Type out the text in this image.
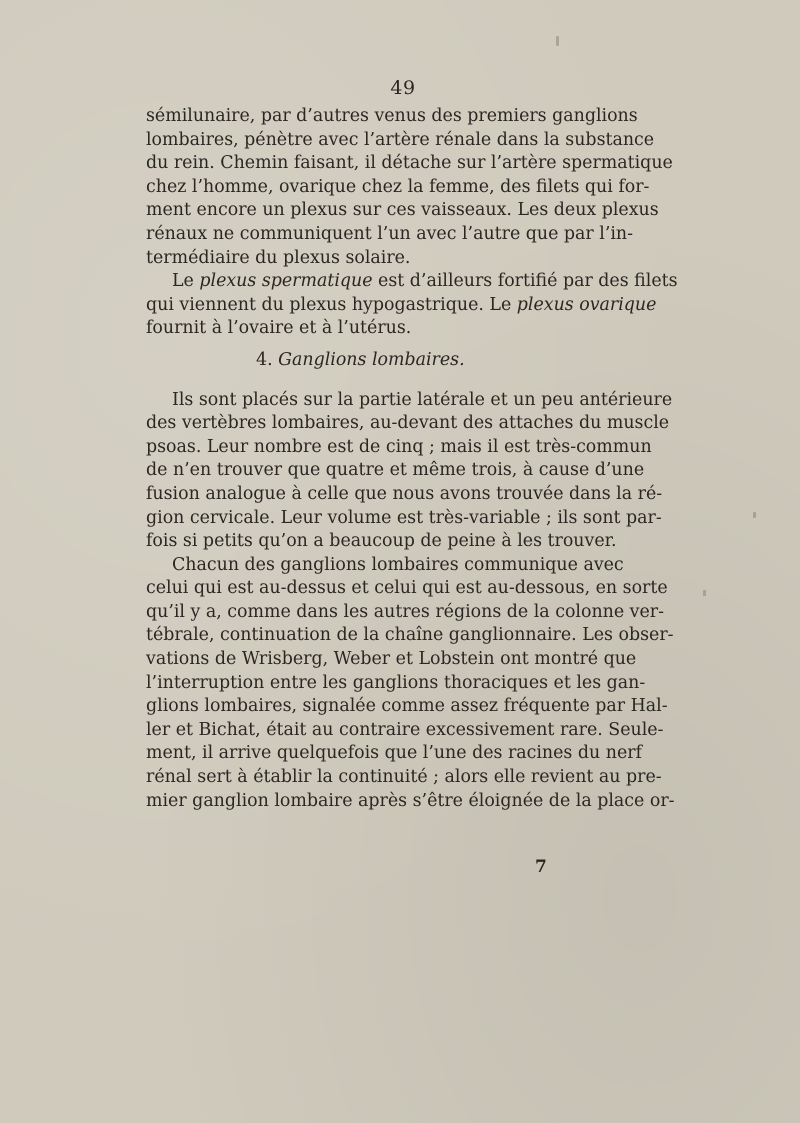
49
sémilunaire, par d’autres venus des premiers ganglions
lombaires, pénètre avec l’artère rénale dans la substance
du rein. Chemin faisant, il détache sur l’artère spermatique
chez l’homme, ovarique chez la femme, des filets qui for-
ment encore un plexus sur ces vaisseaux. Les deux plexus
rénaux ne communiquent l’un avec l’autre que par l’in-
termédiaire du plexus solaire.
Le plexus spermatique est d’ailleurs fortifié par des filets
qui viennent du plexus hypogastrique. Le plexus ovarique
fournit à l’ovaire et à l’utérus.
4. Ganglions lombaires.
Ils sont placés sur la partie latérale et un peu antérieure
des vertèbres lombaires, au-devant des attaches du muscle
psoas. Leur nombre est de cinq ; mais il est très-commun
de n’en trouver que quatre et même trois, à cause d’une
fusion analogue à celle que nous avons trouvée dans la ré-
gion cervicale. Leur volume est très-variable ; ils sont par-
fois si petits qu’on a beaucoup de peine à les trouver.
Chacun des ganglions lombaires communique avec
celui qui est au-dessus et celui qui est au-dessous, en sorte
qu’il y a, comme dans les autres régions de la colonne ver-
tébrale, continuation de la chaîne ganglionnaire. Les obser-
vations de Wrisberg, Weber et Lobstein ont montré que
l’interruption entre les ganglions thoraciques et les gan-
glions lombaires, signalée comme assez fréquente par Hal-
ler et Bichat, était au contraire excessivement rare. Seule-
ment, il arrive quelquefois que l’une des racines du nerf
rénal sert à établir la continuité ; alors elle revient au pre-
mier ganglion lombaire après s’être éloignée de la place or-
7
